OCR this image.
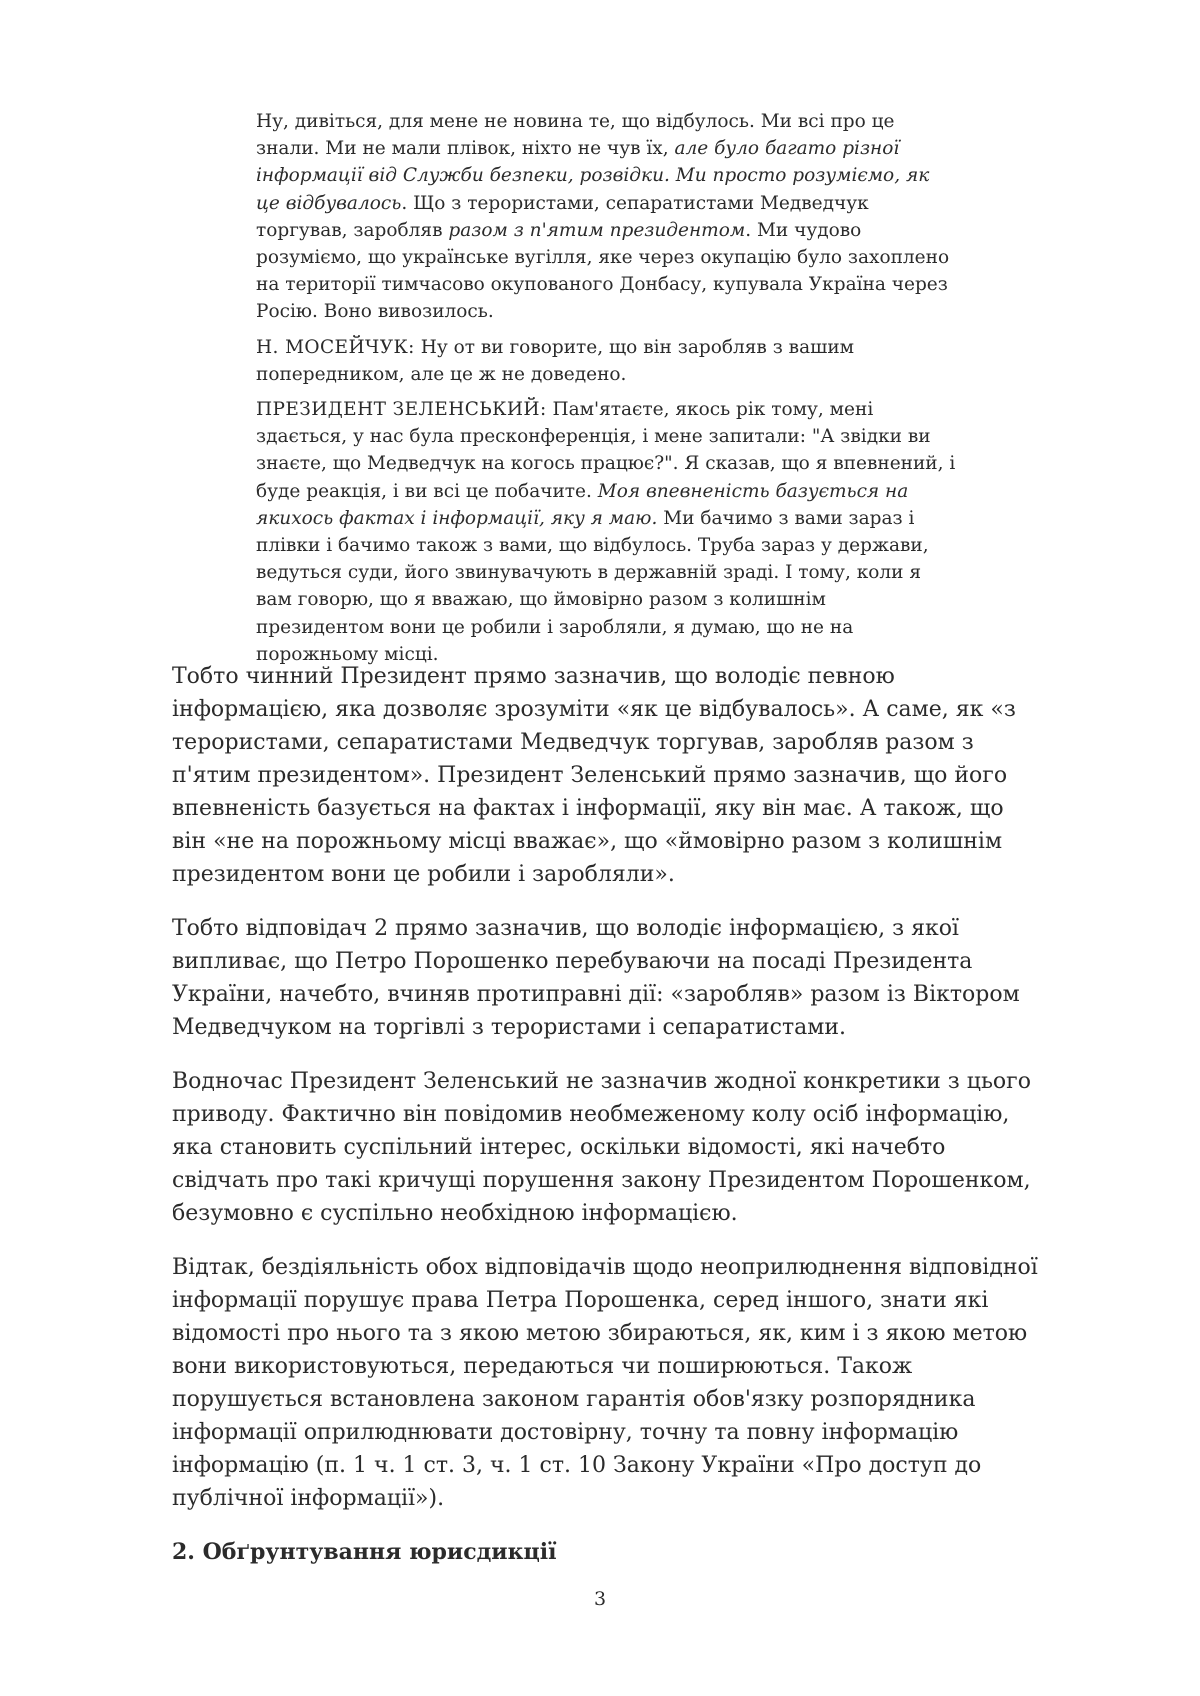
Ну, дивіться, для мене не новина те, що відбулось. Ми всі про це знали. Ми не мали плівок, ніхто не чув їх, але було багато різної інформації від Служби безпеки, розвідки. Ми просто розуміємо, як це відбувалось. Що з терористами, сепаратистами Медведчук торгував, заробляв разом з п'ятим президентом. Ми чудово розуміємо, що українське вугілля, яке через окупацію було захоплено на території тимчасово окупованого Донбасу, купувала Україна через Росію. Воно вивозилось.

Н. МОСЕЙЧУК: Ну от ви говорите, що він заробляв з вашим попередником, але це ж не доведено.

ПРЕЗИДЕНТ ЗЕЛЕНСЬКИЙ: Пам'ятаєте, якось рік тому, мені здається, у нас була пресконференція, і мене запитали: "А звідки ви знаєте, що Медведчук на когось працює?". Я сказав, що я впевнений, і буде реакція, і ви всі це побачите. Моя впевненість базується на якихось фактах і інформації, яку я маю. Ми бачимо з вами зараз і плівки і бачимо також з вами, що відбулось. Труба зараз у держави, ведуться суди, його звинувачують в державній зраді. І тому, коли я вам говорю, що я вважаю, що ймовірно разом з колишнім президентом вони це робили і заробляли, я думаю, що не на порожньому місці.

Тобто чинний Президент прямо зазначив, що володіє певною інформацією, яка дозволяє зрозуміти «як це відбувалось». А саме, як «з терористами, сепаратистами Медведчук торгував, заробляв разом з п'ятим президентом». Президент Зеленський прямо зазначив, що його впевненість базується на фактах і інформації, яку він має. А також, що він «не на порожньому місці вважає», що «ймовірно разом з колишнім президентом вони це робили і заробляли».

Тобто відповідач 2 прямо зазначив, що володіє інформацією, з якої випливає, що Петро Порошенко перебуваючи на посаді Президента України, начебто, вчиняв протиправні дії: «заробляв» разом із Віктором Медведчуком на торгівлі з терористами і сепаратистами.

Водночас Президент Зеленський не зазначив жодної конкретики з цього приводу. Фактично він повідомив необмеженому колу осіб інформацію, яка становить суспільний інтерес, оскільки відомості, які начебто свідчать про такі кричущі порушення закону Президентом Порошенком, безумовно є суспільно необхідною інформацією.

Відтак, бездіяльність обох відповідачів щодо неоприлюднення відповідної інформації порушує права Петра Порошенка, серед іншого, знати які відомості про нього та з якою метою збираються, як, ким і з якою метою вони використовуються, передаються чи поширюються. Також порушується встановлена законом гарантія обов'язку розпорядника інформації оприлюднювати достовірну, точну та повну інформацію інформацію (п. 1 ч. 1 ст. 3, ч. 1 ст. 10 Закону України «Про доступ до публічної інформації»).

2. Обґрунтування юрисдикції
3
